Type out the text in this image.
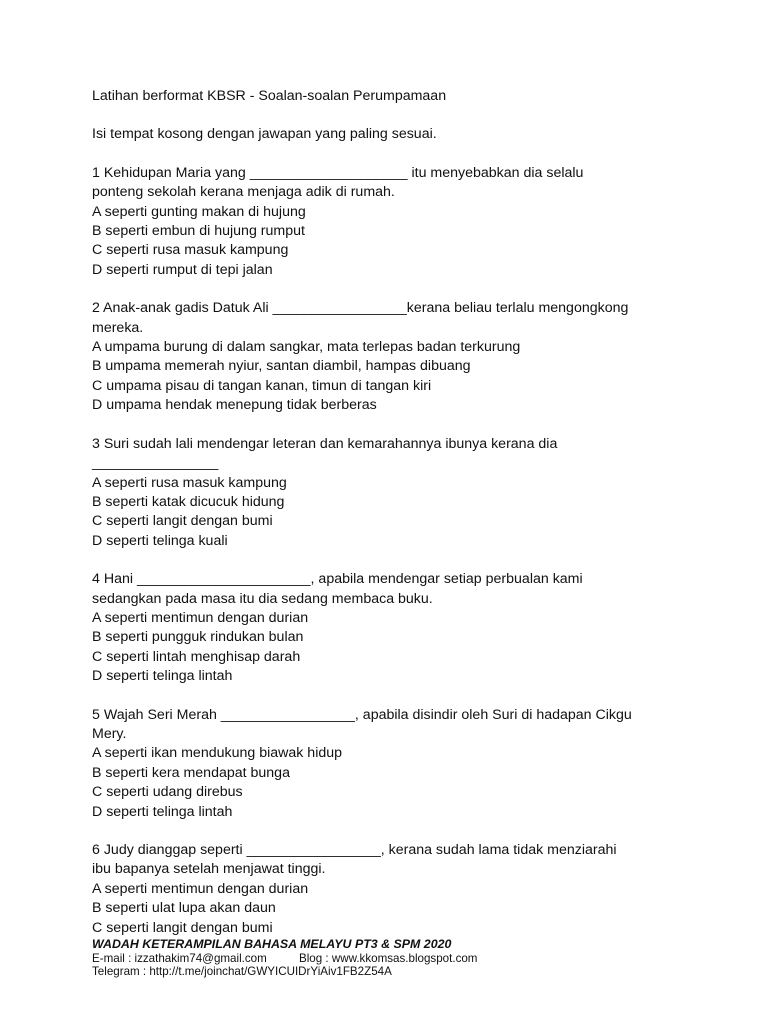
Latihan berformat KBSR - Soalan-soalan Perumpamaan
Isi tempat kosong dengan jawapan yang paling sesuai.
1 Kehidupan Maria yang ____________________ itu menyebabkan dia selalu
ponteng sekolah kerana menjaga adik di rumah.
A seperti gunting makan di hujung
B seperti embun di hujung rumput
C seperti rusa masuk kampung
D seperti rumput di tepi jalan
2 Anak-anak gadis Datuk Ali _________________kerana beliau terlalu mengongkong
mereka.
A umpama burung di dalam sangkar, mata terlepas badan terkurung
B umpama memerah nyiur, santan diambil, hampas dibuang
C umpama pisau di tangan kanan, timun di tangan kiri
D umpama hendak menepung tidak berberas
3 Suri sudah lali mendengar leteran dan kemarahannya ibunya kerana dia
________________
A seperti rusa masuk kampung
B seperti katak dicucuk hidung
C seperti langit dengan bumi
D seperti telinga kuali
4 Hani ______________________, apabila mendengar setiap perbualan kami
sedangkan pada masa itu dia sedang membaca buku.
A seperti mentimun dengan durian
B seperti pungguk rindukan bulan
C seperti lintah menghisap darah
D seperti telinga lintah
5 Wajah Seri Merah _________________, apabila disindir oleh Suri di hadapan Cikgu
Mery.
A seperti ikan mendukung biawak hidup
B seperti kera mendapat bunga
C seperti udang direbus
D seperti telinga lintah
6 Judy dianggap seperti _________________, kerana sudah lama tidak menziarahi
ibu bapanya setelah menjawat tinggi.
A seperti mentimun dengan durian
B seperti ulat lupa akan daun
C seperti langit dengan bumi
WADAH KETERAMPILAN BAHASA MELAYU PT3 & SPM 2020
E-mail : izzathakim74@gmail.com          Blog : www.kkomsas.blogspot.com
Telegram : http://t.me/joinchat/GWYICUIDrYiAiv1FB2Z54A
